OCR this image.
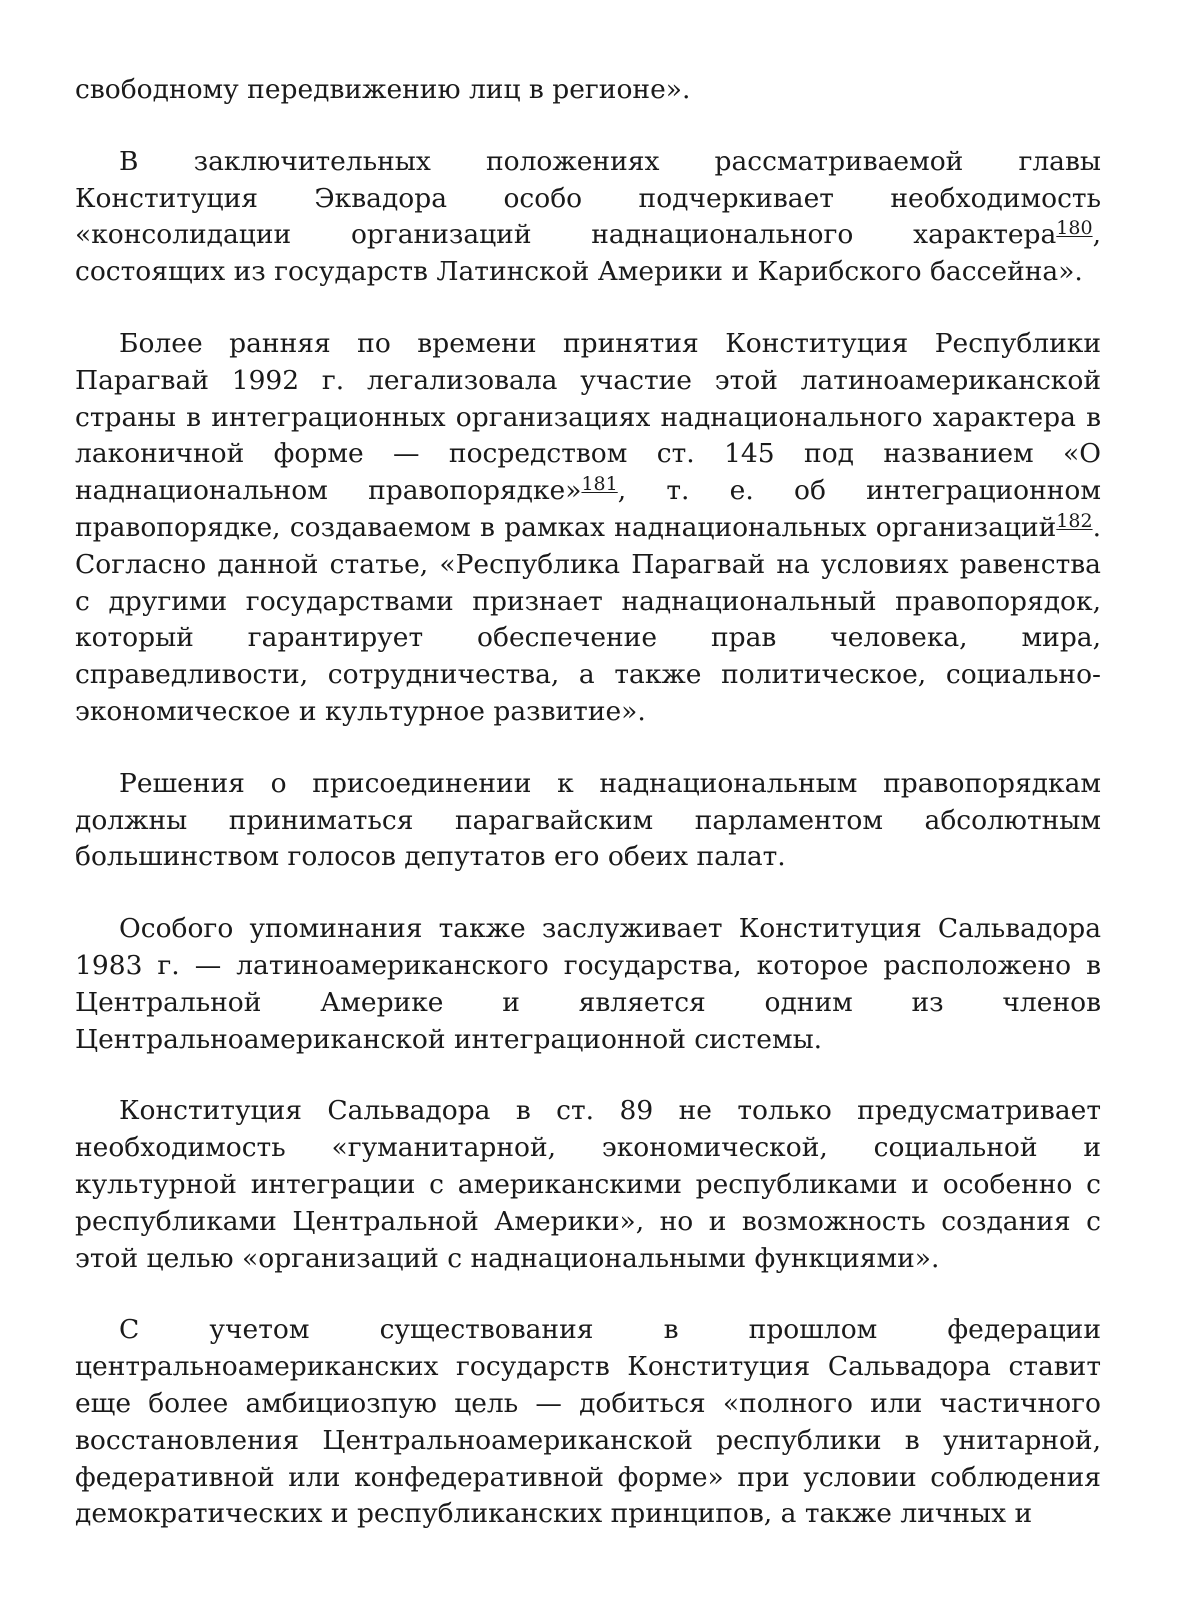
свободному передвижению лиц в регионе».

В заключительных положениях рассматриваемой главы Конституция Эквадора особо подчеркивает необходимость «консолидации организаций наднационального характера$^{180}$, состоящих из государств Латинской Америки и Карибского бассейна».

Более ранняя по времени принятия Конституция Республики Парагвай 1992 г. легализовала участие этой латиноамериканской страны в интеграционных организациях наднационального характера в лаконичной форме — посредством ст. 145 под названием «О наднациональном правопорядке»$^{181}$, т. е. об интеграционном правопорядке, создаваемом в рамках наднациональных организаций$^{182}$. Согласно данной статье, «Республика Парагвай на условиях равенства с другими государствами признает наднациональный правопорядок, который гарантирует обеспечение прав человека, мира, справедливости, сотрудничества, а также политическое, социально-экономическое и культурное развитие».

Решения о присоединении к наднациональным правопорядкам должны приниматься парагвайским парламентом абсолютным большинством голосов депутатов его обеих палат.

Особого упоминания также заслуживает Конституция Сальвадора 1983 г. — латиноамериканского государства, которое расположено в Центральной Америке и является одним из членов Центральноамериканской интеграционной системы.

Конституция Сальвадора в ст. 89 не только предусматривает необходимость «гуманитарной, экономической, социальной и культурной интеграции с американскими республиками и особенно с республиками Центральной Америки», но и возможность создания с этой целью «организаций с наднациональными функциями».

С учетом существования в прошлом федерации центральноамериканских государств Конституция Сальвадора ставит еще более амбициозпую цель — добиться «полного или частичного восстановления Центральноамериканской республики в унитарной, федеративной или конфедеративной форме» при условии соблюдения демократических и республиканских принципов, а также личных и
